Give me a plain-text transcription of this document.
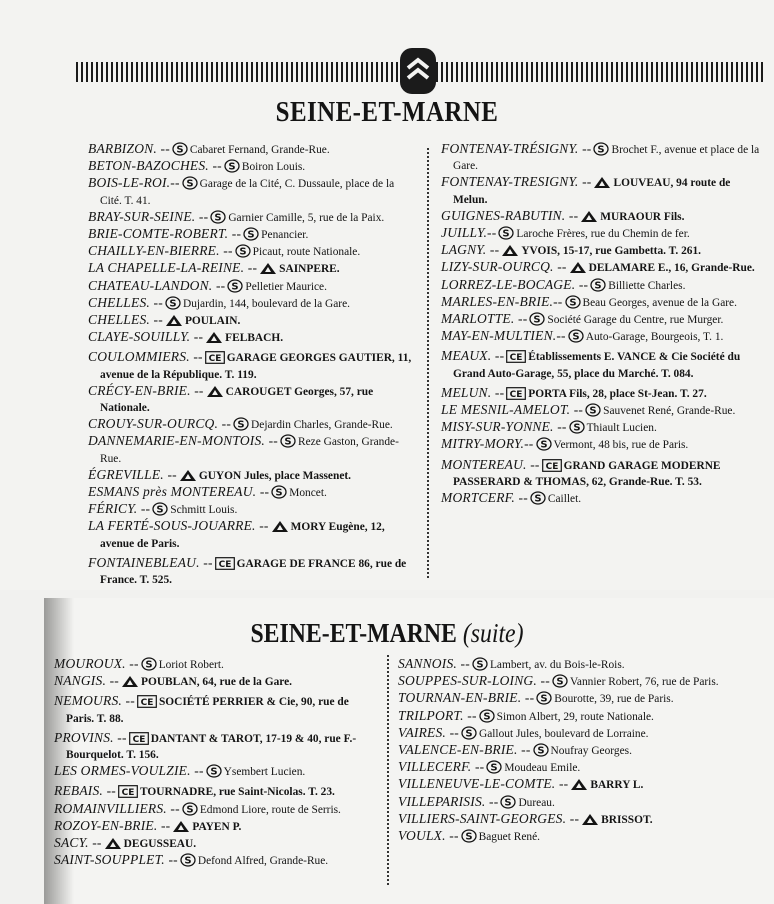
SEINE-ET-MARNE

BARBIZON. -- S Cabaret Fernand, Grande-Rue.

BETON-BAZOCHES. -- S Boiron Louis.

BOIS-LE-ROI.-- S Garage de la Cité, C. Dussaule, place de la Cité. T. 41.

BRAY-SUR-SEINE. -- S Garnier Camille, 5, rue de la Paix.

BRIE-COMTE-ROBERT. -- S Penancier.

CHAILLY-EN-BIERRE. -- S Picaut, route Nationale.

LA CHAPELLE-LA-REINE. -- SAINPERE.

CHATEAU-LANDON. -- S Pelletier Maurice.

CHELLES. -- S Dujardin, 144, boulevard de la Gare.

CHELLES. -- POULAIN.

CLAYE-SOUILLY. -- FELBACH.

COULOMMIERS. -- CE GARAGE GEORGES GAUTIER, 11, avenue de la République. T. 119.

CRÉCY-EN-BRIE. -- CAROUGET Georges, 57, rue Nationale.

CROUY-SUR-OURCQ. -- S Dejardin Charles, Grande-Rue.

DANNEMARIE-EN-MONTOIS. -- S Reze Gaston, Grande-Rue.

ÉGREVILLE. -- GUYON Jules, place Massenet.

ESMANS près MONTEREAU. -- S Moncet.

FÉRICY. -- S Schmitt Louis.

LA FERTÉ-SOUS-JOUARRE. -- MORY Eugène, 12, avenue de Paris.

FONTAINEBLEAU. -- CE GARAGE DE FRANCE 86, rue de France. T. 525.

FONTENAY-TRÉSIGNY. -- S Brochet F., avenue et place de la Gare.

FONTENAY-TRESIGNY. -- LOUVEAU, 94 route de Melun.

GUIGNES-RABUTIN. -- MURAOUR Fils.

JUILLY.-- S Laroche Frères, rue du Chemin de fer.

LAGNY. -- YVOIS, 15-17, rue Gambetta. T. 261.

LIZY-SUR-OURCQ. -- DELAMARE E., 16, Grande-Rue.

LORREZ-LE-BOCAGE. -- S Billiette Charles.

MARLES-EN-BRIE.-- S Beau Georges, avenue de la Gare.

MARLOTTE. -- S Société Garage du Centre, rue Murger.

MAY-EN-MULTIEN.-- S Auto-Garage, Bourgeois, T. 1.

MEAUX. -- CE Établissements E. VANCE & Cie Société du Grand Auto-Garage, 55, place du Marché. T. 084.

MELUN. -- CE PORTA Fils, 28, place St-Jean. T. 27.

LE MESNIL-AMELOT. -- S Sauvenet René, Grande-Rue.

MISY-SUR-YONNE. -- S Thiault Lucien.

MITRY-MORY.-- S Vermont, 48 bis, rue de Paris.

MONTEREAU. -- CE GRAND GARAGE MODERNE PASSERARD & THOMAS, 62, Grande-Rue. T. 53.

MORTCERF. -- S Caillet.

SEINE-ET-MARNE (suite)

MOUROUX. -- S Loriot Robert.

NANGIS. -- POUBLAN, 64, rue de la Gare.

NEMOURS. -- CE SOCIÉTÉ PERRIER & Cie, 90, rue de Paris. T. 88.

PROVINS. -- CE DANTANT & TAROT, 17-19 & 40, rue F.-Bourquelot. T. 156.

LES ORMES-VOULZIE. -- S Ysembert Lucien.

REBAIS. -- CE TOURNADRE, rue Saint-Nicolas. T. 23.

ROMAINVILLIERS. -- S Edmond Liore, route de Serris.

ROZOY-EN-BRIE. -- PAYEN P.

SACY. -- DEGUSSEAU.

SAINT-SOUPPLET. -- S Defond Alfred, Grande-Rue.

SANNOIS. -- S Lambert, av. du Bois-le-Rois.

SOUPPES-SUR-LOING. -- S Vannier Robert, 76, rue de Paris.

TOURNAN-EN-BRIE. -- S Bourotte, 39, rue de Paris.

TRILPORT. -- S Simon Albert, 29, route Nationale.

VAIRES. -- S Gallout Jules, boulevard de Lorraine.

VALENCE-EN-BRIE. -- S Noufray Georges.

VILLECERF. -- S Moudeau Emile.

VILLENEUVE-LE-COMTE. -- BARRY L.

VILLEPARISIS. -- S Dureau.

VILLIERS-SAINT-GEORGES. -- BRISSOT.

VOULX. -- S Baguet René.
